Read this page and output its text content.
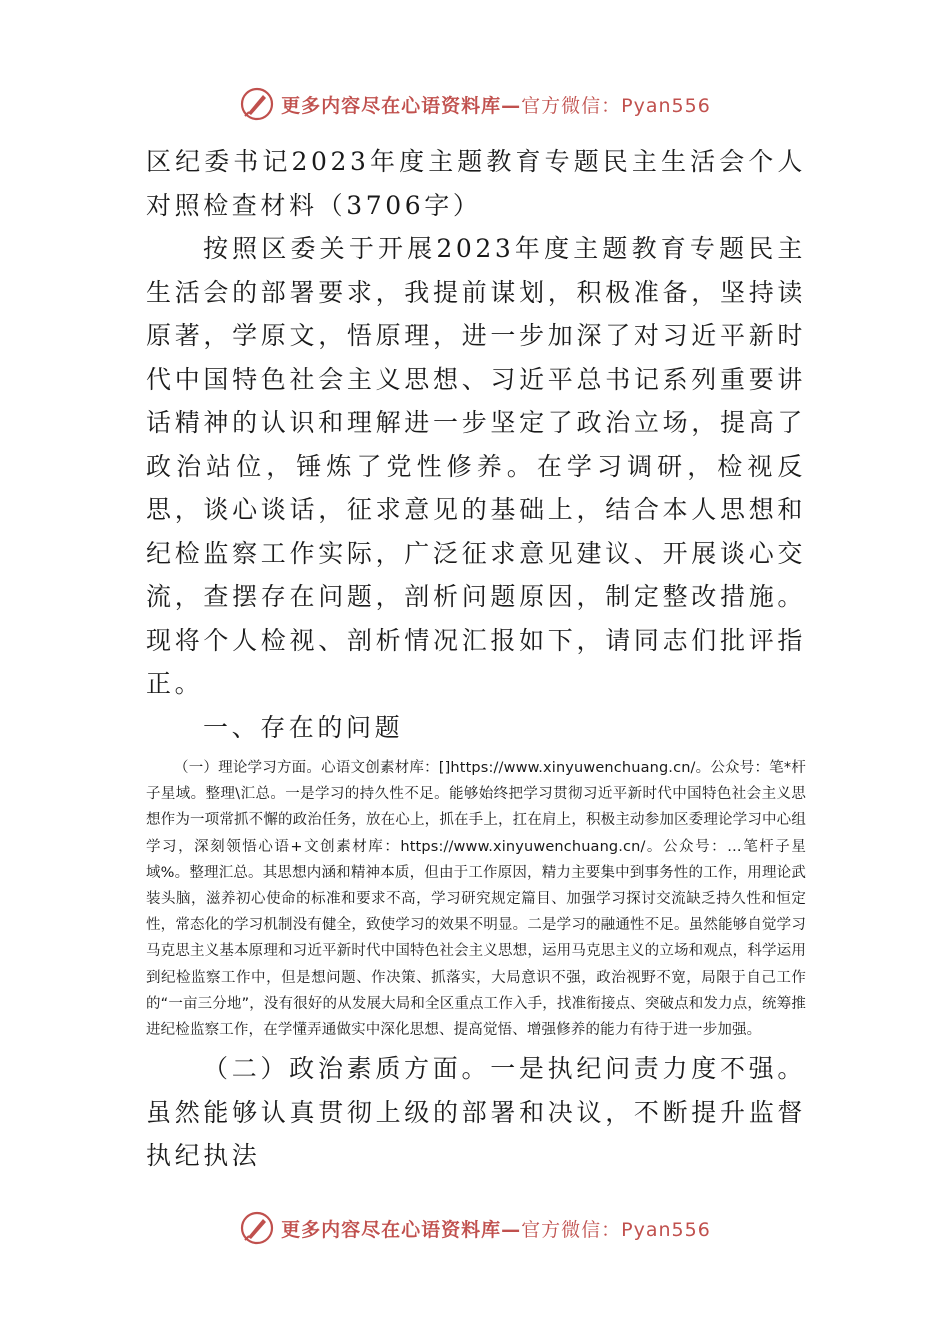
更多内容尽在心语资料库—官方微信：Pyan556

区纪委书记2023年度主题教育专题民主生活会个人对照检查材料（3706字）

按照区委关于开展2023年度主题教育专题民主生活会的部署要求，我提前谋划，积极准备，坚持读原著，学原文，悟原理，进一步加深了对习近平新时代中国特色社会主义思想、习近平总书记系列重要讲话精神的认识和理解进一步坚定了政治立场，提高了政治站位，锤炼了党性修养。在学习调研，检视反思，谈心谈话，征求意见的基础上，结合本人思想和纪检监察工作实际，广泛征求意见建议、开展谈心交流，查摆存在问题，剖析问题原因，制定整改措施。现将个人检视、剖析情况汇报如下，请同志们批评指正。

一、存在的问题

（一）理论学习方面。心语文创素材库：[]https://www.xinyuwenchuang.cn/。公众号：笔*杆子星域。整理\汇总。一是学习的持久性不足。能够始终把学习贯彻习近平新时代中国特色社会主义思想作为一项常抓不懈的政治任务，放在心上，抓在手上，扛在肩上，积极主动参加区委理论学习中心组学习，深刻领悟心语+文创素材库：https://www.xinyuwenchuang.cn/。公众号：…笔杆子星域%。整理汇总。其思想内涵和精神本质，但由于工作原因，精力主要集中到事务性的工作，用理论武装头脑，滋养初心使命的标准和要求不高，学习研究规定篇目、加强学习探讨交流缺乏持久性和恒定性，常态化的学习机制没有健全，致使学习的效果不明显。二是学习的融通性不足。虽然能够自觉学习马克思主义基本原理和习近平新时代中国特色社会主义思想，运用马克思主义的立场和观点，科学运用到纪检监察工作中，但是想问题、作决策、抓落实，大局意识不强，政治视野不宽，局限于自己工作的“一亩三分地”，没有很好的从发展大局和全区重点工作入手，找准衔接点、突破点和发力点，统筹推进纪检监察工作，在学懂弄通做实中深化思想、提高觉悟、增强修养的能力有待于进一步加强。

（二）政治素质方面。一是执纪问责力度不强。虽然能够认真贯彻上级的部署和决议，不断提升监督执纪执法

更多内容尽在心语资料库—官方微信：Pyan556
